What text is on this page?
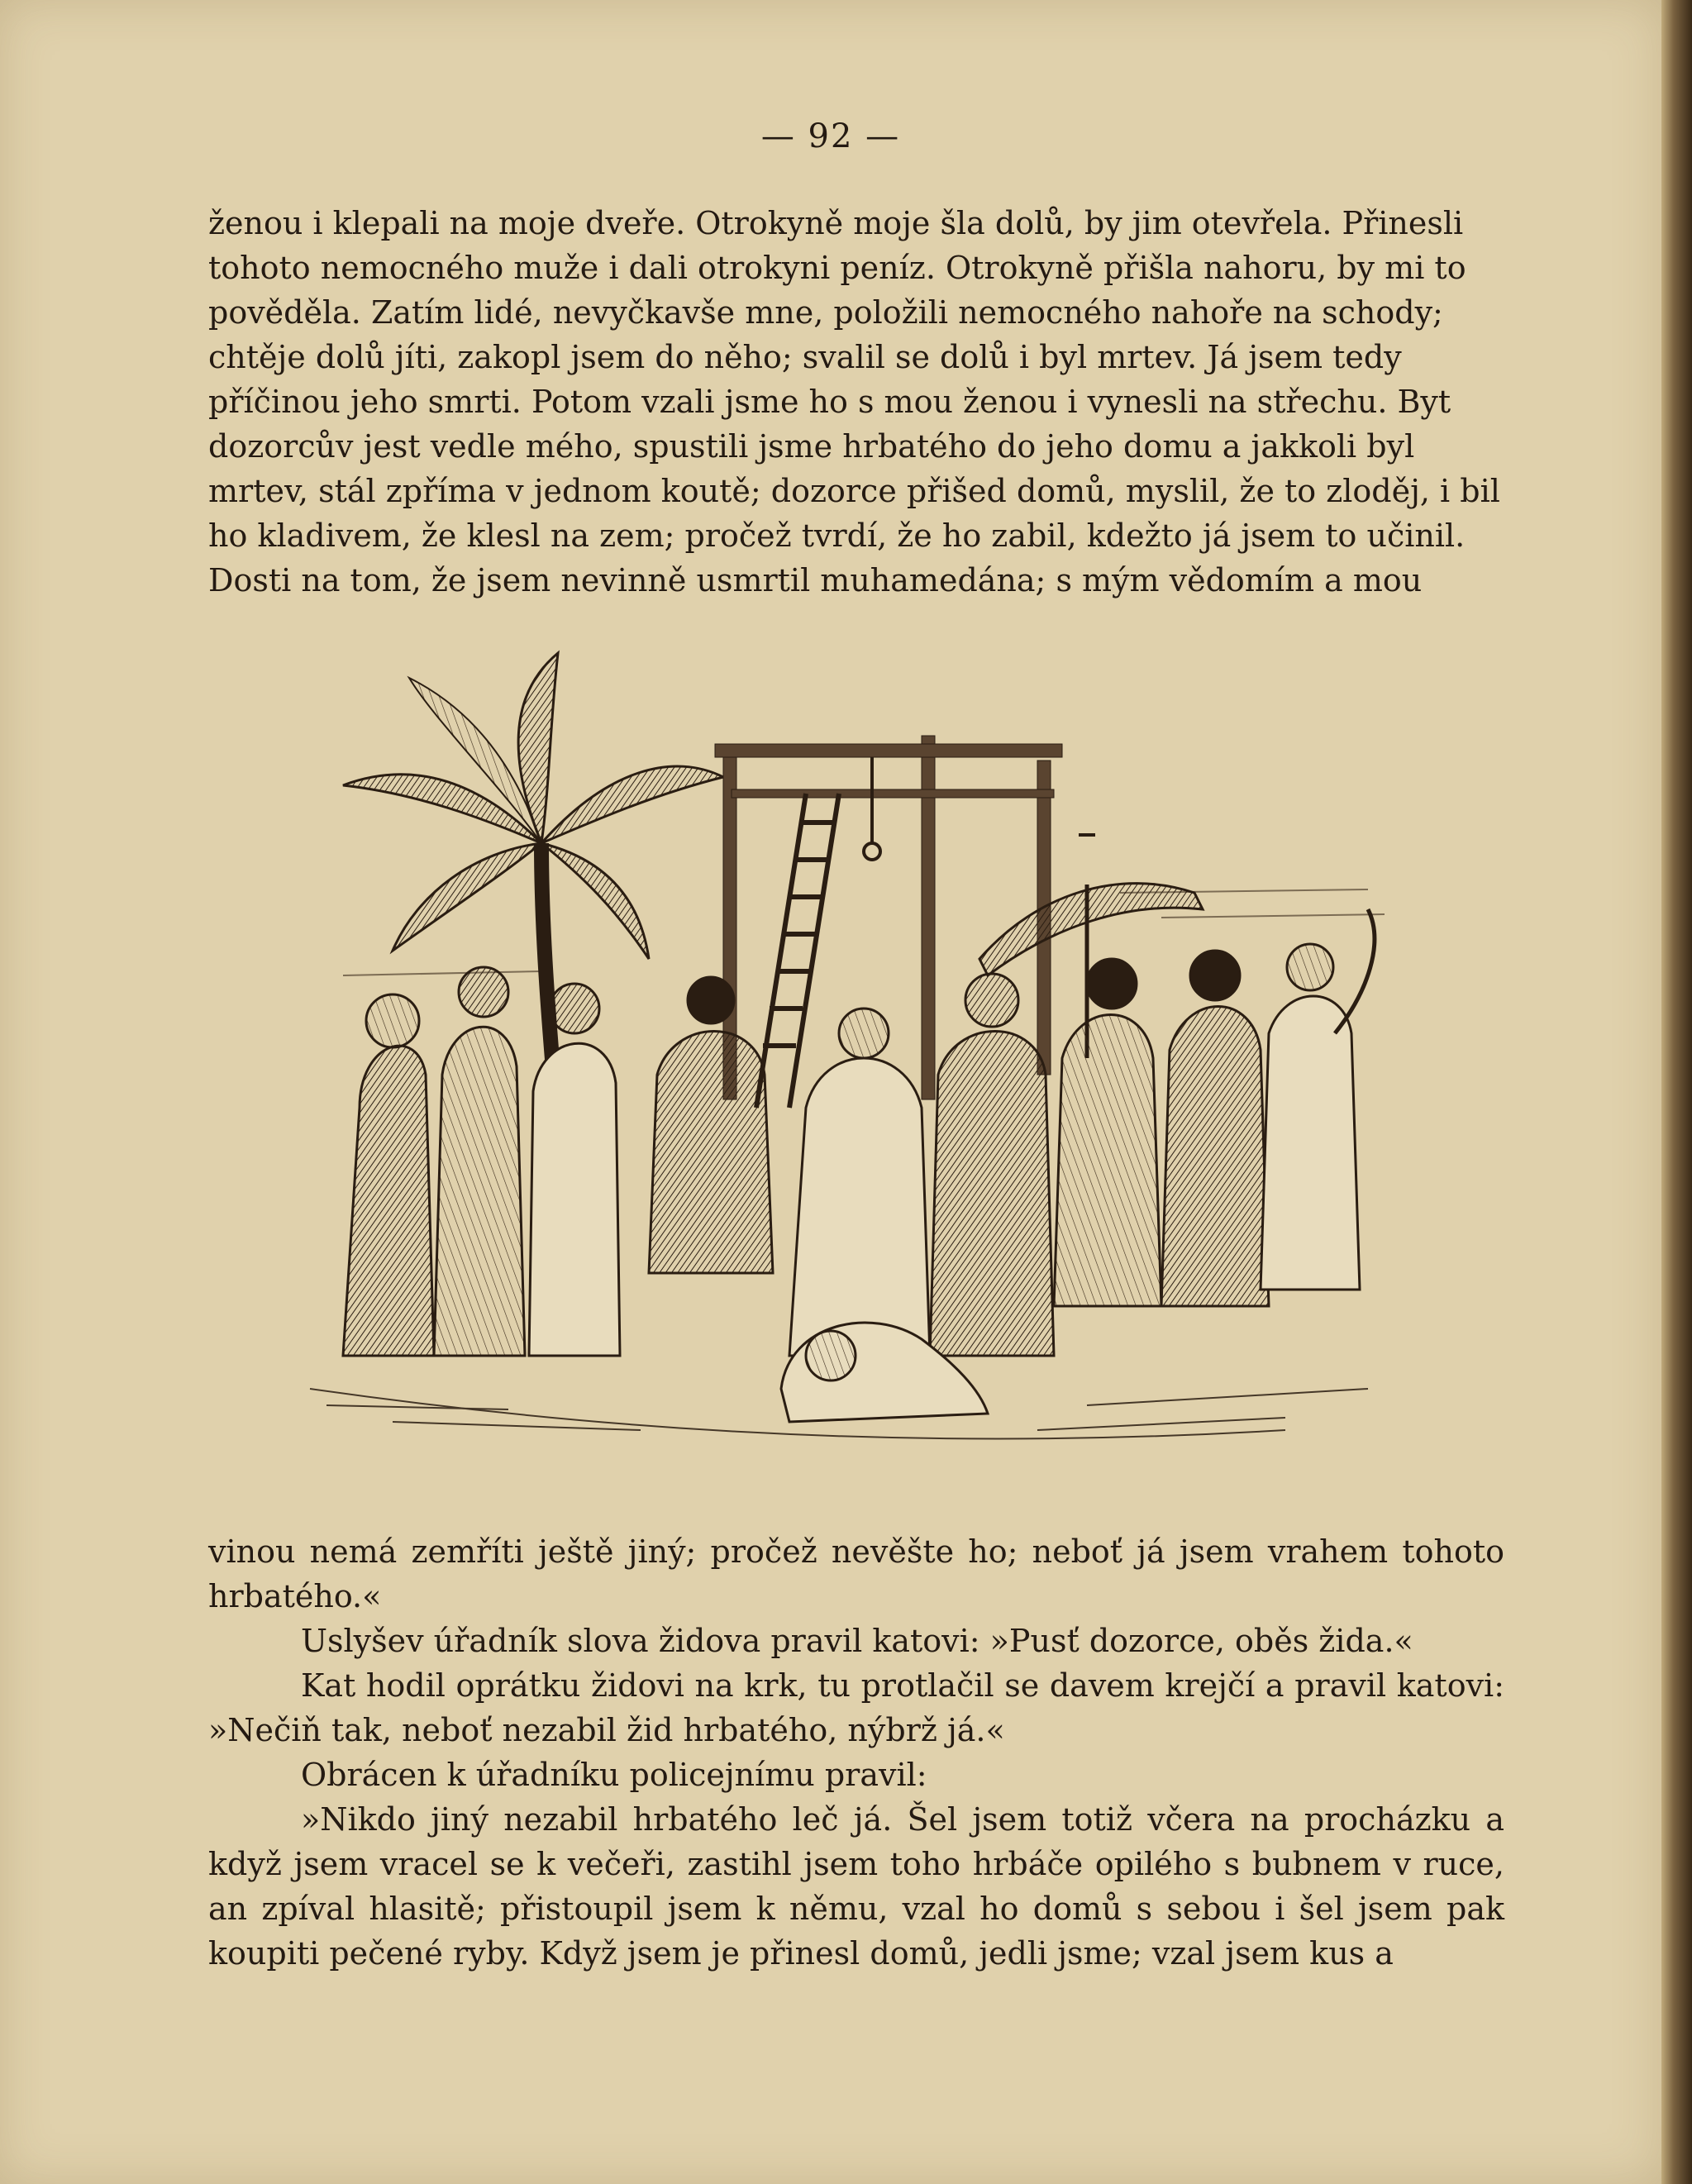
— 92 —
ženou i klepali na moje dveře. Otrokyně moje šla dolů, by jim otevřela. Přinesli
tohoto nemocného muže i dali otrokyni peníz. Otrokyně přišla nahoru, by mi to
pověděla. Zatím lidé, nevyčkavše mne, položili nemocného nahoře na schody;
chtěje dolů jíti, zakopl jsem do něho; svalil se dolů i byl mrtev. Já jsem tedy
příčinou jeho smrti. Potom vzali jsme ho s mou ženou i vynesli na střechu. Byt
dozorcův jest vedle mého, spustili jsme hrbatého do jeho domu a jakkoli byl
mrtev, stál zpříma v jednom koutě; dozorce přišed domů, myslil, že to zloděj, i bil
ho kladivem, že klesl na zem; pročež tvrdí, že ho zabil, kdežto já jsem to učinil.
Dosti na tom, že jsem nevinně usmrtil muhamedána; s mým vědomím a mou

vinou nemá zemříti ještě jiný; pročež nevěšte ho; neboť já jsem vrahem tohoto hrbatého.«

Uslyšev úřadník slova židova pravil katovi: »Pusť dozorce, oběs žida.«

Kat hodil oprátku židovi na krk, tu protlačil se davem krejčí a pravil katovi: »Nečiň tak, neboť nezabil žid hrbatého, nýbrž já.«

Obrácen k úřadníku policejnímu pravil:

»Nikdo jiný nezabil hrbatého leč já. Šel jsem totiž včera na procházku a když jsem vracel se k večeři, zastihl jsem toho hrbáče opilého s bubnem v ruce, an zpíval hlasitě; přistoupil jsem k němu, vzal ho domů s sebou i šel jsem pak koupiti pečené ryby. Když jsem je přinesl domů, jedli jsme; vzal jsem kus a
